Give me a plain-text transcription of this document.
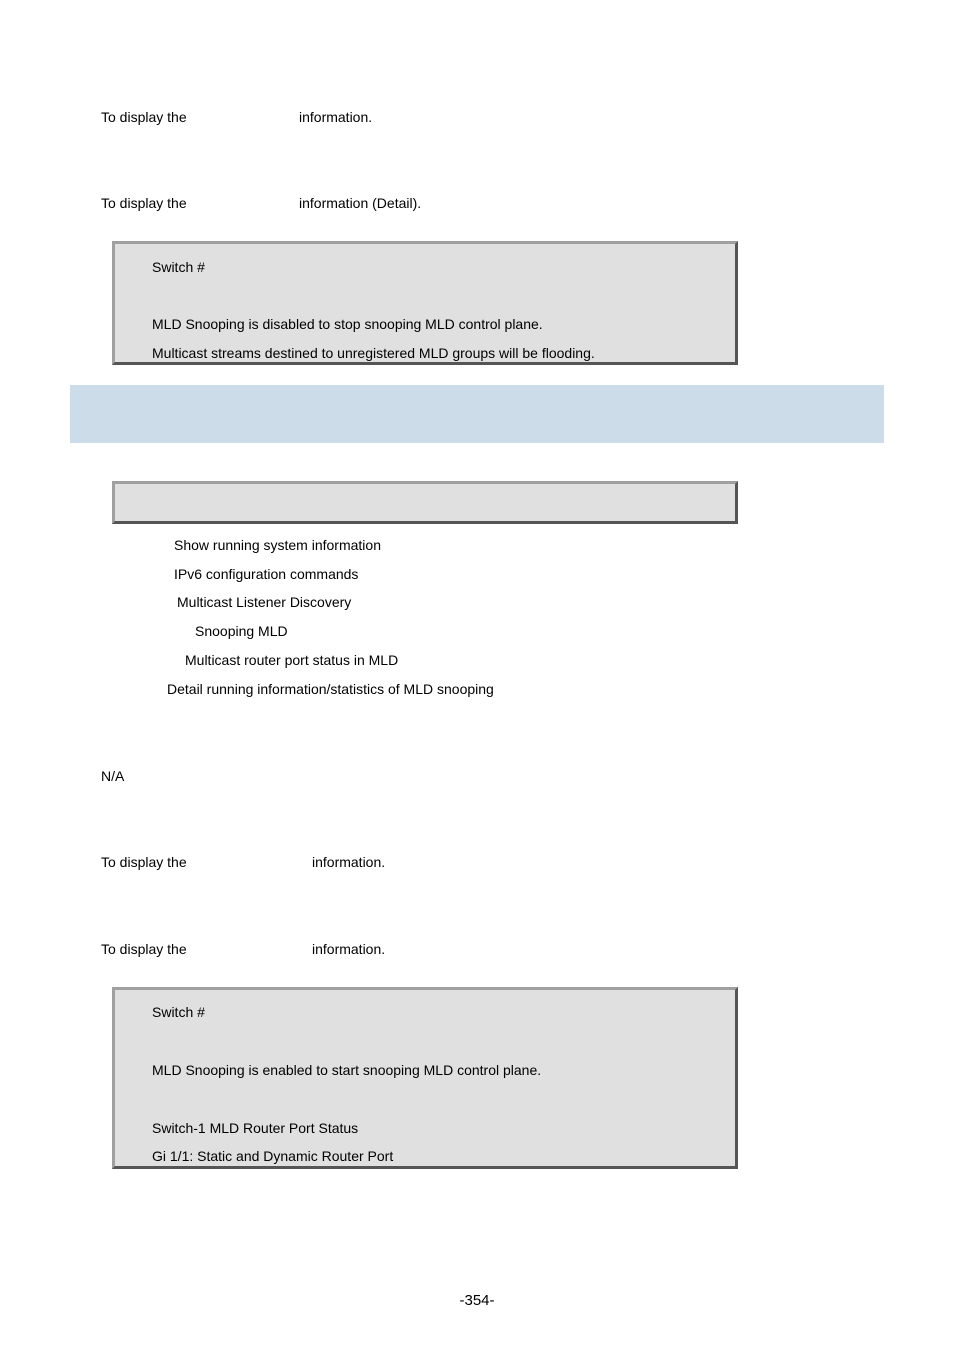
To display the	information.
To display the	information (Detail).
Switch #
MLD Snooping is disabled to stop snooping MLD control plane.
Multicast streams destined to unregistered MLD groups will be flooding.
Show running system information
IPv6 configuration commands
Multicast Listener Discovery
Snooping MLD
Multicast router port status in MLD
Detail running information/statistics of MLD snooping
N/A
To display the	information.
To display the	information.
Switch #
MLD Snooping is enabled to start snooping MLD control plane.
Switch-1 MLD Router Port Status
Gi 1/1: Static and Dynamic Router Port
-354-
